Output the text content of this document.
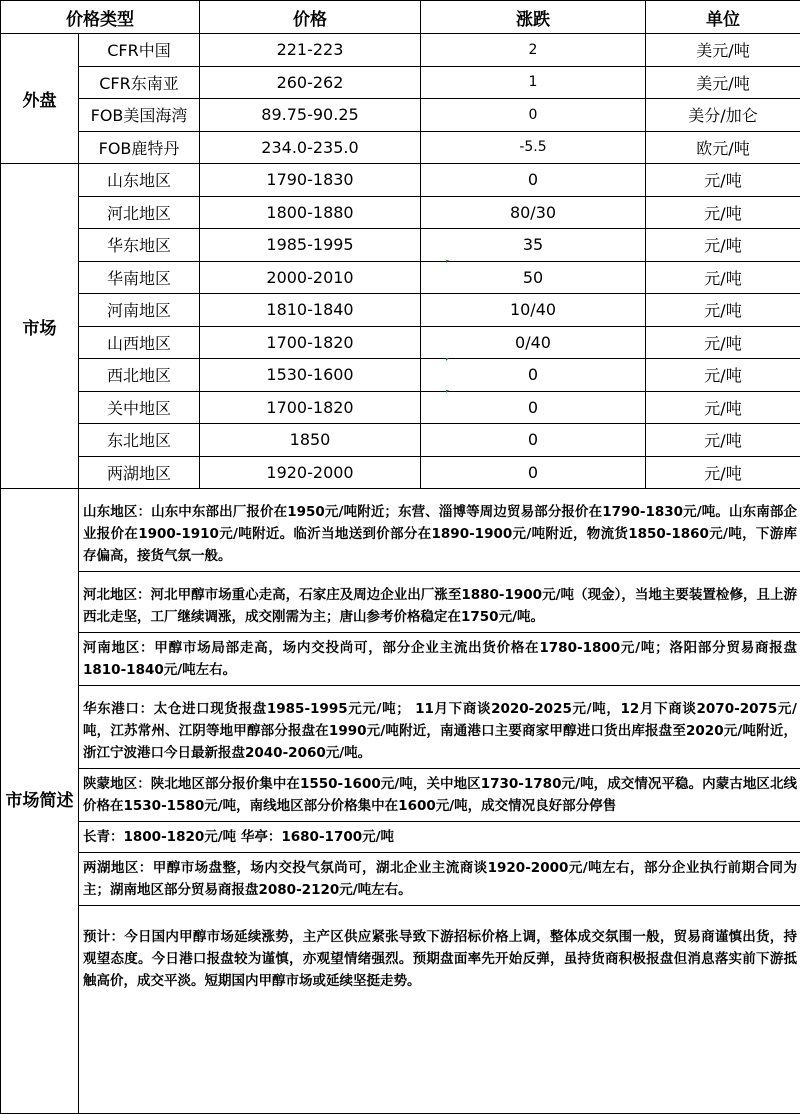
价格类型		价格	涨跌	单位
外盘	CFR中国	221-223	2	美元/吨
	CFR东南亚	260-262	1	美元/吨
	FOB美国海湾	89.75-90.25	0	美分/加仑
	FOB鹿特丹	234.0-235.0	-5.5	欧元/吨
市场	山东地区	1790-1830	0	元/吨
	河北地区	1800-1880	80/30	元/吨
	华东地区	1985-1995	35	元/吨
	华南地区	2000-2010	50	元/吨
	河南地区	1810-1840	10/40	元/吨
	山西地区	1700-1820	0/40	元/吨
	西北地区	1530-1600	0	元/吨
	关中地区	1700-1820	0	元/吨
	东北地区	1850	0	元/吨
	两湖地区	1920-2000	0	元/吨
市场简述	
山东地区：山东中东部出厂报价在1950元/吨附近；东营、淄博等周边贸易部分报价在1790-1830元/吨。山东南部企业报价在1900-1910元/吨附近。临沂当地送到价部分在1890-1900元/吨附近，物流货1850-1860元/吨，下游库存偏高，接货气氛一般。
河北地区：河北甲醇市场重心走高，石家庄及周边企业出厂涨至1880-1900元/吨（现金），当地主要装置检修，且上游西北走坚，工厂继续调涨，成交刚需为主；唐山参考价格稳定在1750元/吨。
河南地区：甲醇市场局部走高，场内交投尚可，部分企业主流出货价格在1780-1800元/吨；洛阳部分贸易商报盘1810-1840元/吨左右。
华东港口：太仓进口现货报盘1985-1995元元/吨； 11月下商谈2020-2025元/吨，12月下商谈2070-2075元/吨，江苏常州、江阴等地甲醇部分报盘在1990元/吨附近，南通港口主要商家甲醇进口货出库报盘至2020元/吨附近，浙江宁波港口今日最新报盘2040-2060元/吨。
陕蒙地区：陕北地区部分报价集中在1550-1600元/吨，关中地区1730-1780元/吨，成交情况平稳。内蒙古地区北线价格在1530-1580元/吨，南线地区部分价格集中在1600元/吨，成交情况良好部分停售
长青：1800-1820元/吨 华亭：1680-1700元/吨
两湖地区：甲醇市场盘整，场内交投气氛尚可，湖北企业主流商谈1920-2000元/吨左右，部分企业执行前期合同为主；湖南地区部分贸易商报盘2080-2120元/吨左右。
预计：今日国内甲醇市场延续涨势，主产区供应紧张导致下游招标价格上调，整体成交氛围一般，贸易商谨慎出货，持观望态度。今日港口报盘较为谨慎，亦观望情绪强烈。预期盘面率先开始反弹，虽持货商积极报盘但消息落实前下游抵触高价，成交平淡。短期国内甲醇市场或延续坚挺走势。
